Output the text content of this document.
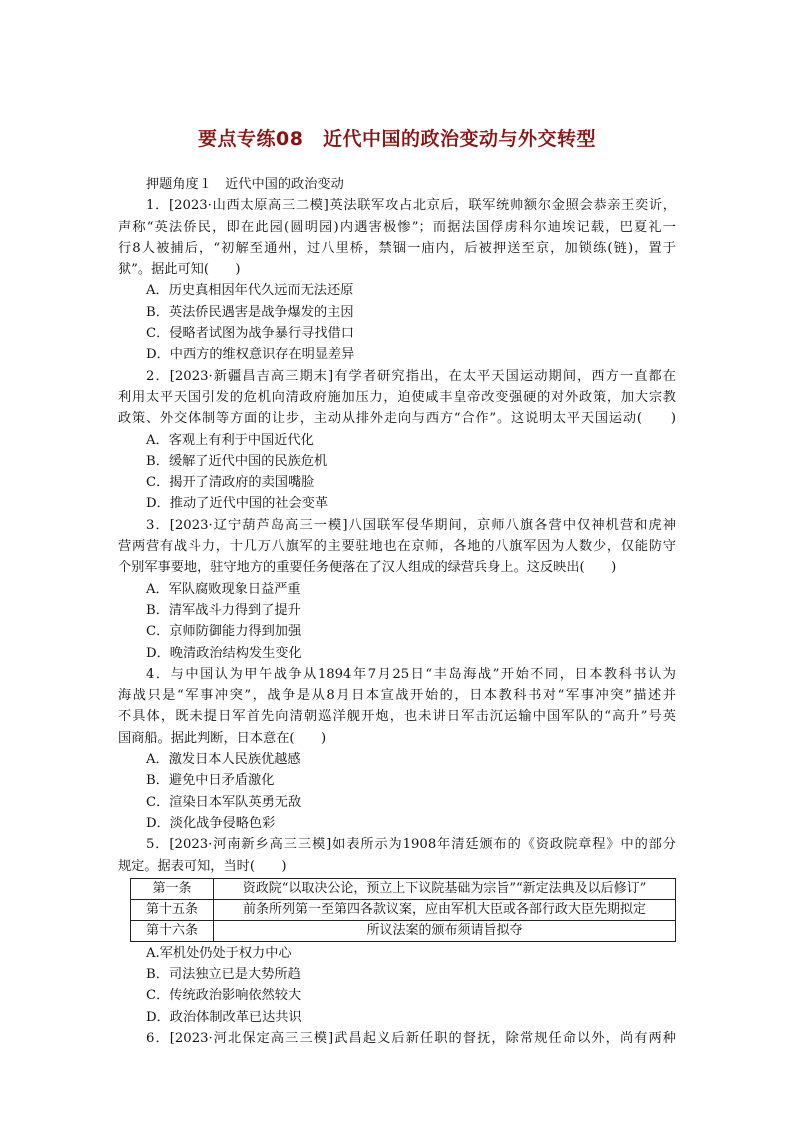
要点专练08　近代中国的政治变动与外交转型
押题角度１　近代中国的政治变动
1．[2023·山西太原高三二模]英法联军攻占北京后，联军统帅额尔金照会恭亲王奕䜣，
声称“英法侨民，即在此园(圆明园)内遇害极惨”；而据法国俘虏科尔迪埃记载，巴夏礼一
行8人被捕后，“初解至通州，过八里桥，禁锢一庙内，后被押送至京，加锁练(链)，置于
狱”。据此可知(　　)
A．历史真相因年代久远而无法还原
B．英法侨民遇害是战争爆发的主因
C．侵略者试图为战争暴行寻找借口
D．中西方的维权意识存在明显差异
2．[2023·新疆昌吉高三期末]有学者研究指出，在太平天国运动期间，西方一直都在
利用太平天国引发的危机向清政府施加压力，迫使咸丰皇帝改变强硬的对外政策，加大宗教
政策、外交体制等方面的让步，主动从排外走向与西方“合作”。这说明太平天国运动(　　)
A．客观上有利于中国近代化
B．缓解了近代中国的民族危机
C．揭开了清政府的卖国嘴脸
D．推动了近代中国的社会变革
3．[2023·辽宁葫芦岛高三一模]八国联军侵华期间，京师八旗各营中仅神机营和虎神
营两营有战斗力，十几万八旗军的主要驻地也在京师，各地的八旗军因为人数少，仅能防守
个别军事要地，驻守地方的重要任务便落在了汉人组成的绿营兵身上。这反映出(　　)
A．军队腐败现象日益严重
B．清军战斗力得到了提升
C．京师防御能力得到加强
D．晚清政治结构发生变化
4．与中国认为甲午战争从1894年7月25日“丰岛海战”开始不同，日本教科书认为
海战只是“军事冲突”，战争是从8月日本宣战开始的，日本教科书对“军事冲突”描述并
不具体，既未提日军首先向清朝巡洋舰开炮，也未讲日军击沉运输中国军队的“高升”号英
国商船。据此判断，日本意在(　　)
A．激发日本人民族优越感
B．避免中日矛盾激化
C．渲染日本军队英勇无敌
D．淡化战争侵略色彩
5．[2023·河南新乡高三三模]如表所示为1908年清廷颁布的《资政院章程》中的部分
规定。据表可知，当时(　　)
第一条	资政院“以取决公论，预立上下议院基础为宗旨”“新定法典及以后修订”
第十五条	前条所列第一至第四各款议案，应由军机大臣或各部行政大臣先期拟定
第十六条	所议法案的颁布须请旨拟夺
A.军机处仍处于权力中心
B．司法独立已是大势所趋
C．传统政治影响依然较大
D．政治体制改革已达共识
6．[2023·河北保定高三三模]武昌起义后新任职的督抚，除常规任命以外，尚有两种
